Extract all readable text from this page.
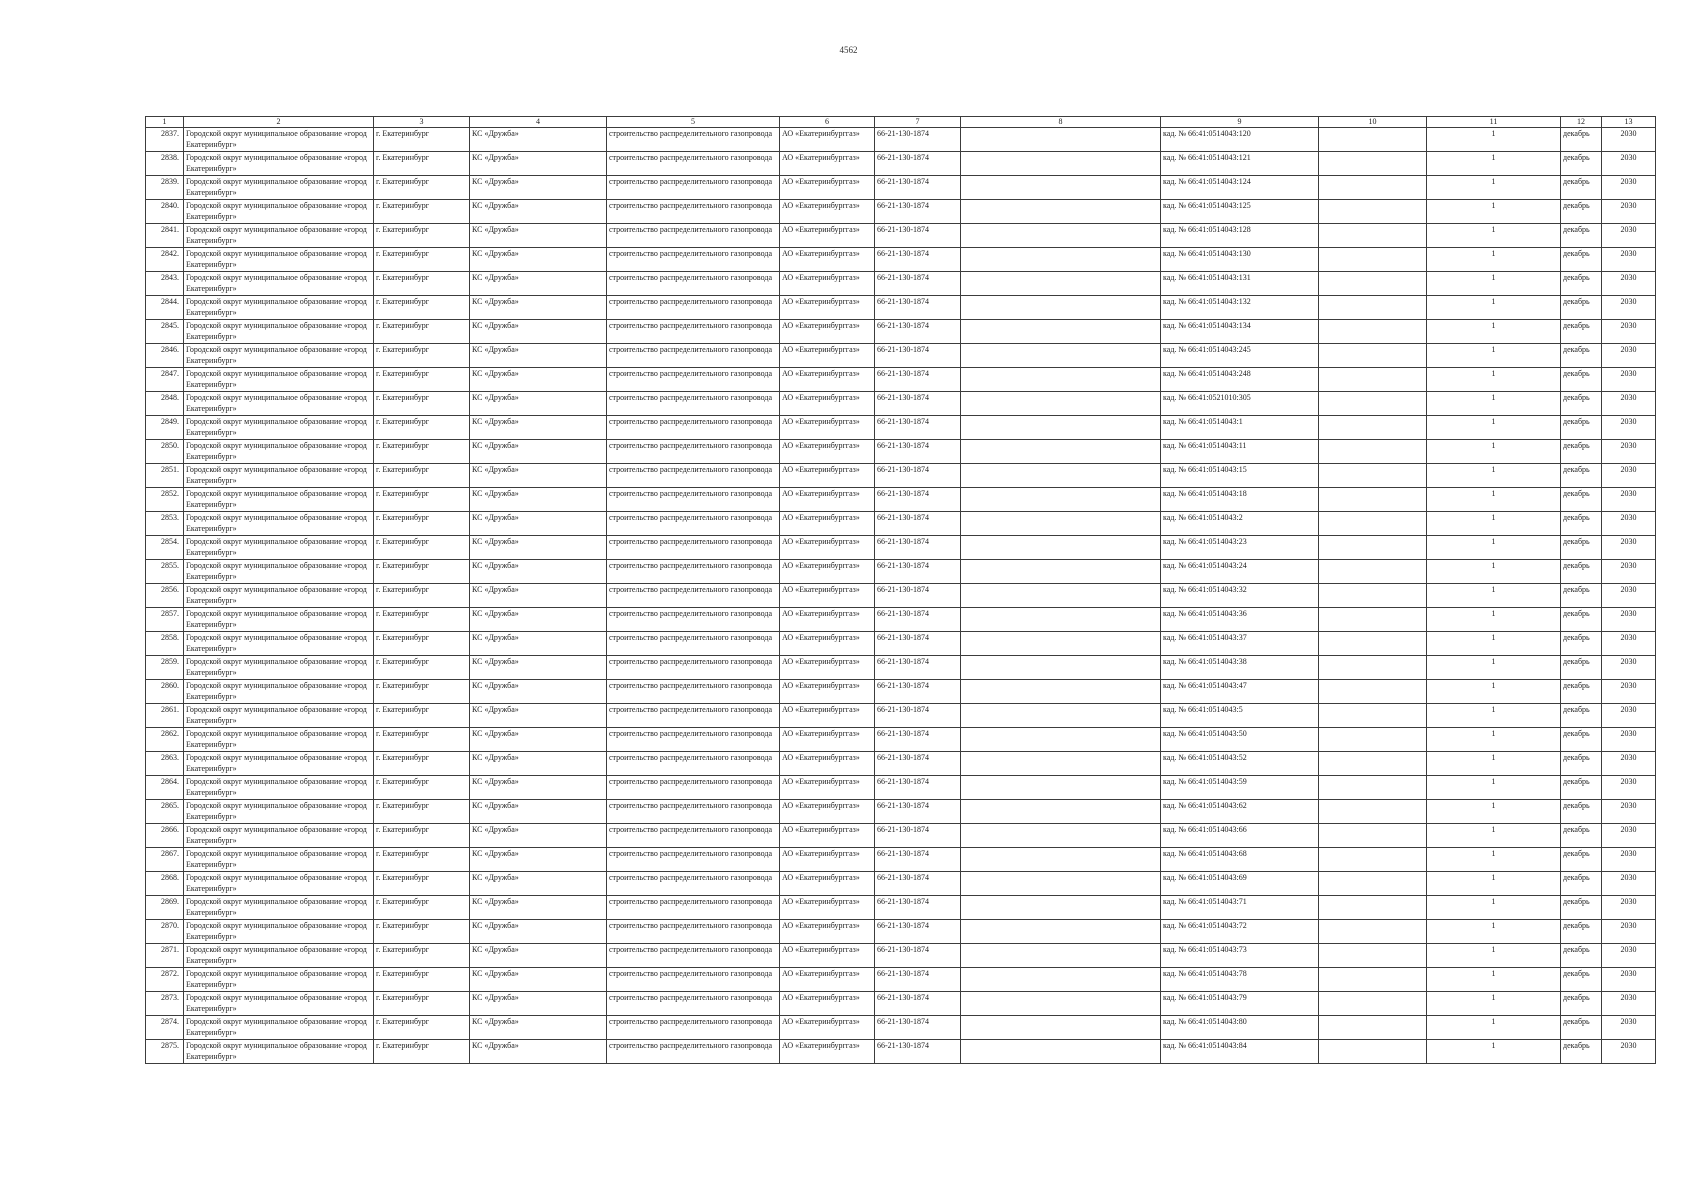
4562
1	2	3	4	5	6	7	8	9	10	11	12	13
2837.	Городской округ муниципальное образование «город Екатеринбург»	г. Екатеринбург	КС «Дружба»	строительство распределительного газопровода	АО «Екатеринбурггаз»	66-21-130-1874		кад. № 66:41:0514043:120		1	декабрь	2030
2838.	Городской округ муниципальное образование «город Екатеринбург»	г. Екатеринбург	КС «Дружба»	строительство распределительного газопровода	АО «Екатеринбурггаз»	66-21-130-1874		кад. № 66:41:0514043:121		1	декабрь	2030
2839.	Городской округ муниципальное образование «город Екатеринбург»	г. Екатеринбург	КС «Дружба»	строительство распределительного газопровода	АО «Екатеринбурггаз»	66-21-130-1874		кад. № 66:41:0514043:124		1	декабрь	2030
2840.	Городской округ муниципальное образование «город Екатеринбург»	г. Екатеринбург	КС «Дружба»	строительство распределительного газопровода	АО «Екатеринбурггаз»	66-21-130-1874		кад. № 66:41:0514043:125		1	декабрь	2030
2841.	Городской округ муниципальное образование «город Екатеринбург»	г. Екатеринбург	КС «Дружба»	строительство распределительного газопровода	АО «Екатеринбурггаз»	66-21-130-1874		кад. № 66:41:0514043:128		1	декабрь	2030
2842.	Городской округ муниципальное образование «город Екатеринбург»	г. Екатеринбург	КС «Дружба»	строительство распределительного газопровода	АО «Екатеринбурггаз»	66-21-130-1874		кад. № 66:41:0514043:130		1	декабрь	2030
2843.	Городской округ муниципальное образование «город Екатеринбург»	г. Екатеринбург	КС «Дружба»	строительство распределительного газопровода	АО «Екатеринбурггаз»	66-21-130-1874		кад. № 66:41:0514043:131		1	декабрь	2030
2844.	Городской округ муниципальное образование «город Екатеринбург»	г. Екатеринбург	КС «Дружба»	строительство распределительного газопровода	АО «Екатеринбурггаз»	66-21-130-1874		кад. № 66:41:0514043:132		1	декабрь	2030
2845.	Городской округ муниципальное образование «город Екатеринбург»	г. Екатеринбург	КС «Дружба»	строительство распределительного газопровода	АО «Екатеринбурггаз»	66-21-130-1874		кад. № 66:41:0514043:134		1	декабрь	2030
2846.	Городской округ муниципальное образование «город Екатеринбург»	г. Екатеринбург	КС «Дружба»	строительство распределительного газопровода	АО «Екатеринбурггаз»	66-21-130-1874		кад. № 66:41:0514043:245		1	декабрь	2030
2847.	Городской округ муниципальное образование «город Екатеринбург»	г. Екатеринбург	КС «Дружба»	строительство распределительного газопровода	АО «Екатеринбурггаз»	66-21-130-1874		кад. № 66:41:0514043:248		1	декабрь	2030
2848.	Городской округ муниципальное образование «город Екатеринбург»	г. Екатеринбург	КС «Дружба»	строительство распределительного газопровода	АО «Екатеринбурггаз»	66-21-130-1874		кад. № 66:41:0521010:305		1	декабрь	2030
2849.	Городской округ муниципальное образование «город Екатеринбург»	г. Екатеринбург	КС «Дружба»	строительство распределительного газопровода	АО «Екатеринбурггаз»	66-21-130-1874		кад. № 66:41:0514043:1		1	декабрь	2030
2850.	Городской округ муниципальное образование «город Екатеринбург»	г. Екатеринбург	КС «Дружба»	строительство распределительного газопровода	АО «Екатеринбурггаз»	66-21-130-1874		кад. № 66:41:0514043:11		1	декабрь	2030
2851.	Городской округ муниципальное образование «город Екатеринбург»	г. Екатеринбург	КС «Дружба»	строительство распределительного газопровода	АО «Екатеринбурггаз»	66-21-130-1874		кад. № 66:41:0514043:15		1	декабрь	2030
2852.	Городской округ муниципальное образование «город Екатеринбург»	г. Екатеринбург	КС «Дружба»	строительство распределительного газопровода	АО «Екатеринбурггаз»	66-21-130-1874		кад. № 66:41:0514043:18		1	декабрь	2030
2853.	Городской округ муниципальное образование «город Екатеринбург»	г. Екатеринбург	КС «Дружба»	строительство распределительного газопровода	АО «Екатеринбурггаз»	66-21-130-1874		кад. № 66:41:0514043:2		1	декабрь	2030
2854.	Городской округ муниципальное образование «город Екатеринбург»	г. Екатеринбург	КС «Дружба»	строительство распределительного газопровода	АО «Екатеринбурггаз»	66-21-130-1874		кад. № 66:41:0514043:23		1	декабрь	2030
2855.	Городской округ муниципальное образование «город Екатеринбург»	г. Екатеринбург	КС «Дружба»	строительство распределительного газопровода	АО «Екатеринбурггаз»	66-21-130-1874		кад. № 66:41:0514043:24		1	декабрь	2030
2856.	Городской округ муниципальное образование «город Екатеринбург»	г. Екатеринбург	КС «Дружба»	строительство распределительного газопровода	АО «Екатеринбурггаз»	66-21-130-1874		кад. № 66:41:0514043:32		1	декабрь	2030
2857.	Городской округ муниципальное образование «город Екатеринбург»	г. Екатеринбург	КС «Дружба»	строительство распределительного газопровода	АО «Екатеринбурггаз»	66-21-130-1874		кад. № 66:41:0514043:36		1	декабрь	2030
2858.	Городской округ муниципальное образование «город Екатеринбург»	г. Екатеринбург	КС «Дружба»	строительство распределительного газопровода	АО «Екатеринбурггаз»	66-21-130-1874		кад. № 66:41:0514043:37		1	декабрь	2030
2859.	Городской округ муниципальное образование «город Екатеринбург»	г. Екатеринбург	КС «Дружба»	строительство распределительного газопровода	АО «Екатеринбурггаз»	66-21-130-1874		кад. № 66:41:0514043:38		1	декабрь	2030
2860.	Городской округ муниципальное образование «город Екатеринбург»	г. Екатеринбург	КС «Дружба»	строительство распределительного газопровода	АО «Екатеринбурггаз»	66-21-130-1874		кад. № 66:41:0514043:47		1	декабрь	2030
2861.	Городской округ муниципальное образование «город Екатеринбург»	г. Екатеринбург	КС «Дружба»	строительство распределительного газопровода	АО «Екатеринбурггаз»	66-21-130-1874		кад. № 66:41:0514043:5		1	декабрь	2030
2862.	Городской округ муниципальное образование «город Екатеринбург»	г. Екатеринбург	КС «Дружба»	строительство распределительного газопровода	АО «Екатеринбурггаз»	66-21-130-1874		кад. № 66:41:0514043:50		1	декабрь	2030
2863.	Городской округ муниципальное образование «город Екатеринбург»	г. Екатеринбург	КС «Дружба»	строительство распределительного газопровода	АО «Екатеринбурггаз»	66-21-130-1874		кад. № 66:41:0514043:52		1	декабрь	2030
2864.	Городской округ муниципальное образование «город Екатеринбург»	г. Екатеринбург	КС «Дружба»	строительство распределительного газопровода	АО «Екатеринбурггаз»	66-21-130-1874		кад. № 66:41:0514043:59		1	декабрь	2030
2865.	Городской округ муниципальное образование «город Екатеринбург»	г. Екатеринбург	КС «Дружба»	строительство распределительного газопровода	АО «Екатеринбурггаз»	66-21-130-1874		кад. № 66:41:0514043:62		1	декабрь	2030
2866.	Городской округ муниципальное образование «город Екатеринбург»	г. Екатеринбург	КС «Дружба»	строительство распределительного газопровода	АО «Екатеринбурггаз»	66-21-130-1874		кад. № 66:41:0514043:66		1	декабрь	2030
2867.	Городской округ муниципальное образование «город Екатеринбург»	г. Екатеринбург	КС «Дружба»	строительство распределительного газопровода	АО «Екатеринбурггаз»	66-21-130-1874		кад. № 66:41:0514043:68		1	декабрь	2030
2868.	Городской округ муниципальное образование «город Екатеринбург»	г. Екатеринбург	КС «Дружба»	строительство распределительного газопровода	АО «Екатеринбурггаз»	66-21-130-1874		кад. № 66:41:0514043:69		1	декабрь	2030
2869.	Городской округ муниципальное образование «город Екатеринбург»	г. Екатеринбург	КС «Дружба»	строительство распределительного газопровода	АО «Екатеринбурггаз»	66-21-130-1874		кад. № 66:41:0514043:71		1	декабрь	2030
2870.	Городской округ муниципальное образование «город Екатеринбург»	г. Екатеринбург	КС «Дружба»	строительство распределительного газопровода	АО «Екатеринбурггаз»	66-21-130-1874		кад. № 66:41:0514043:72		1	декабрь	2030
2871.	Городской округ муниципальное образование «город Екатеринбург»	г. Екатеринбург	КС «Дружба»	строительство распределительного газопровода	АО «Екатеринбурггаз»	66-21-130-1874		кад. № 66:41:0514043:73		1	декабрь	2030
2872.	Городской округ муниципальное образование «город Екатеринбург»	г. Екатеринбург	КС «Дружба»	строительство распределительного газопровода	АО «Екатеринбурггаз»	66-21-130-1874		кад. № 66:41:0514043:78		1	декабрь	2030
2873.	Городской округ муниципальное образование «город Екатеринбург»	г. Екатеринбург	КС «Дружба»	строительство распределительного газопровода	АО «Екатеринбурггаз»	66-21-130-1874		кад. № 66:41:0514043:79		1	декабрь	2030
2874.	Городской округ муниципальное образование «город Екатеринбург»	г. Екатеринбург	КС «Дружба»	строительство распределительного газопровода	АО «Екатеринбурггаз»	66-21-130-1874		кад. № 66:41:0514043:80		1	декабрь	2030
2875.	Городской округ муниципальное образование «город Екатеринбург»	г. Екатеринбург	КС «Дружба»	строительство распределительного газопровода	АО «Екатеринбурггаз»	66-21-130-1874		кад. № 66:41:0514043:84		1	декабрь	2030
